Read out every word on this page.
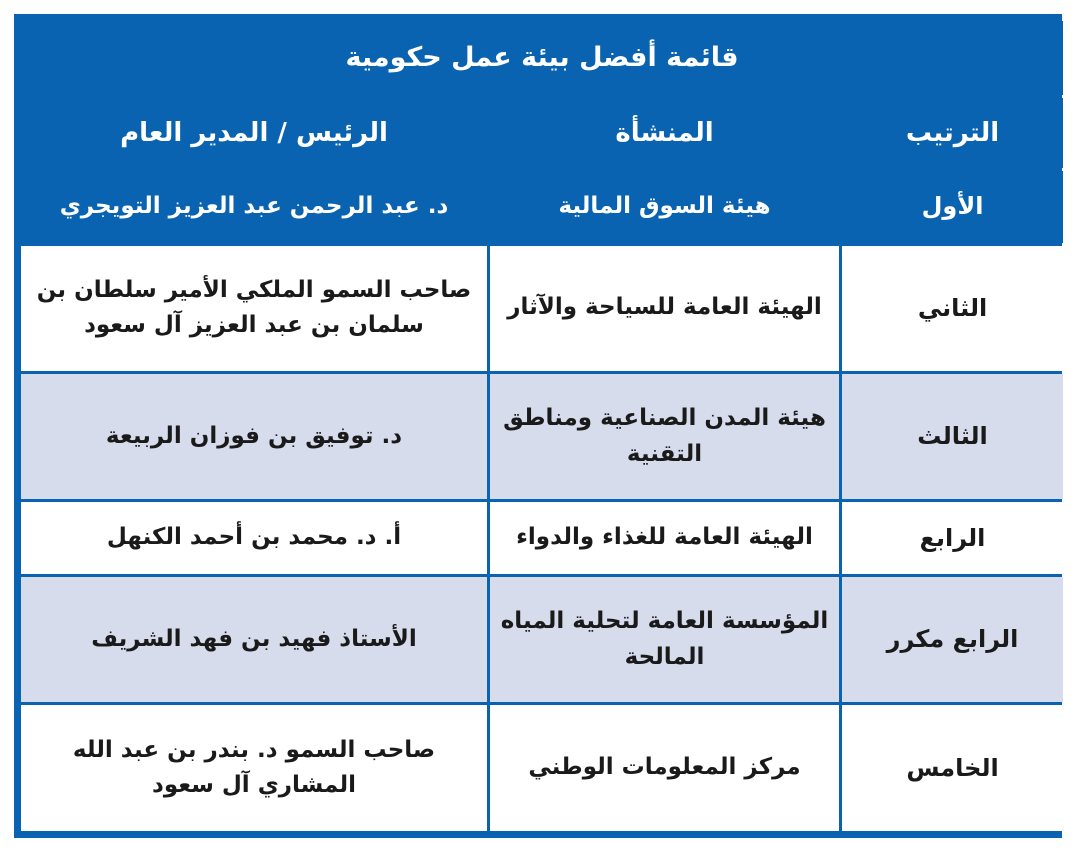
قائمة أفضل بيئة عمل حكومية		
الترتيب	المنشأة	الرئيس / المدير العام
الأول	هيئة السوق المالية	د. عبد الرحمن عبد العزيز التويجري
الثاني	الهيئة العامة للسياحة والآثار	صاحب السمو الملكي الأمير سلطان بن سلمان بن عبد العزيز آل سعود
الثالث	هيئة المدن الصناعية ومناطق التقنية	د. توفيق بن فوزان الربيعة
الرابع	الهيئة العامة للغذاء والدواء	أ. د. محمد بن أحمد الكنهل
الرابع مكرر	المؤسسة العامة لتحلية المياه المالحة	الأستاذ فهيد بن فهد الشريف
الخامس	مركز المعلومات الوطني	صاحب السمو د. بندر بن عبد الله المشاري آل سعود
